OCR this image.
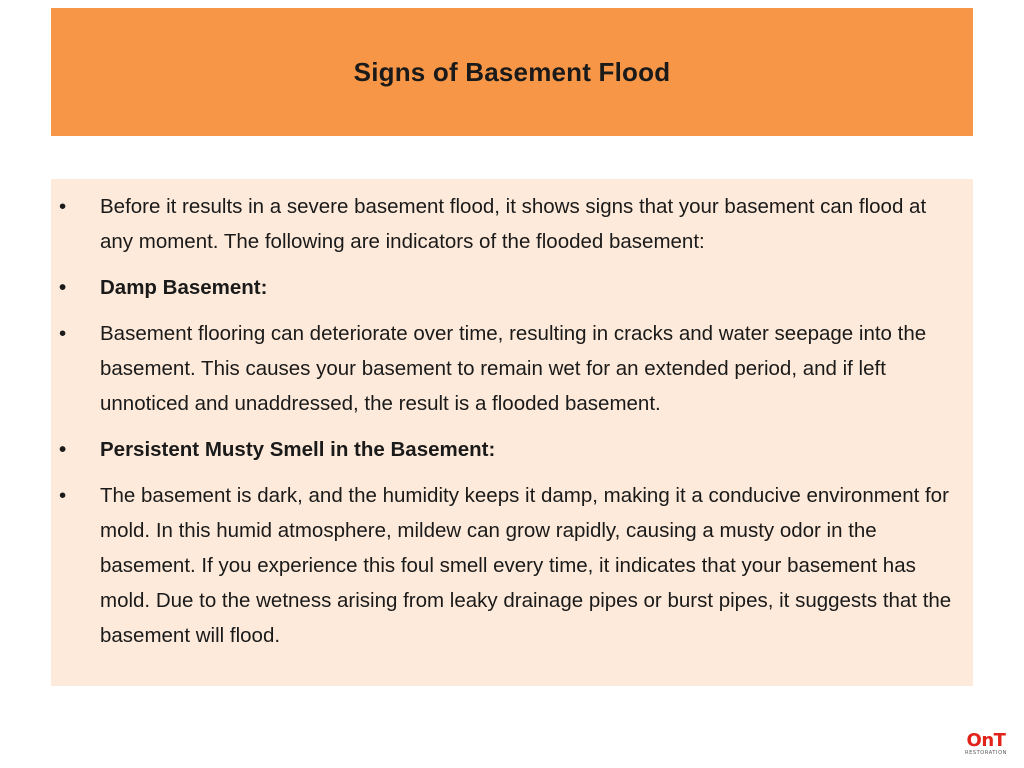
Signs of Basement Flood
•	Before it results in a severe basement flood, it shows signs that your basement can flood at any moment. The following are indicators of the flooded basement:
•	Damp Basement:
•	Basement flooring can deteriorate over time, resulting in cracks and water seepage into the basement. This causes your basement to remain wet for an extended period, and if left unnoticed and unaddressed, the result is a flooded basement.
•	Persistent Musty Smell in the Basement:
•	The basement is dark, and the humidity keeps it damp, making it a conducive environment for mold. In this humid atmosphere, mildew can grow rapidly, causing a musty odor in the basement. If you experience this foul smell every time, it indicates that your basement has mold. Due to the wetness arising from leaky drainage pipes or burst pipes, it suggests that the basement will flood.
OnT
RESTORATION
